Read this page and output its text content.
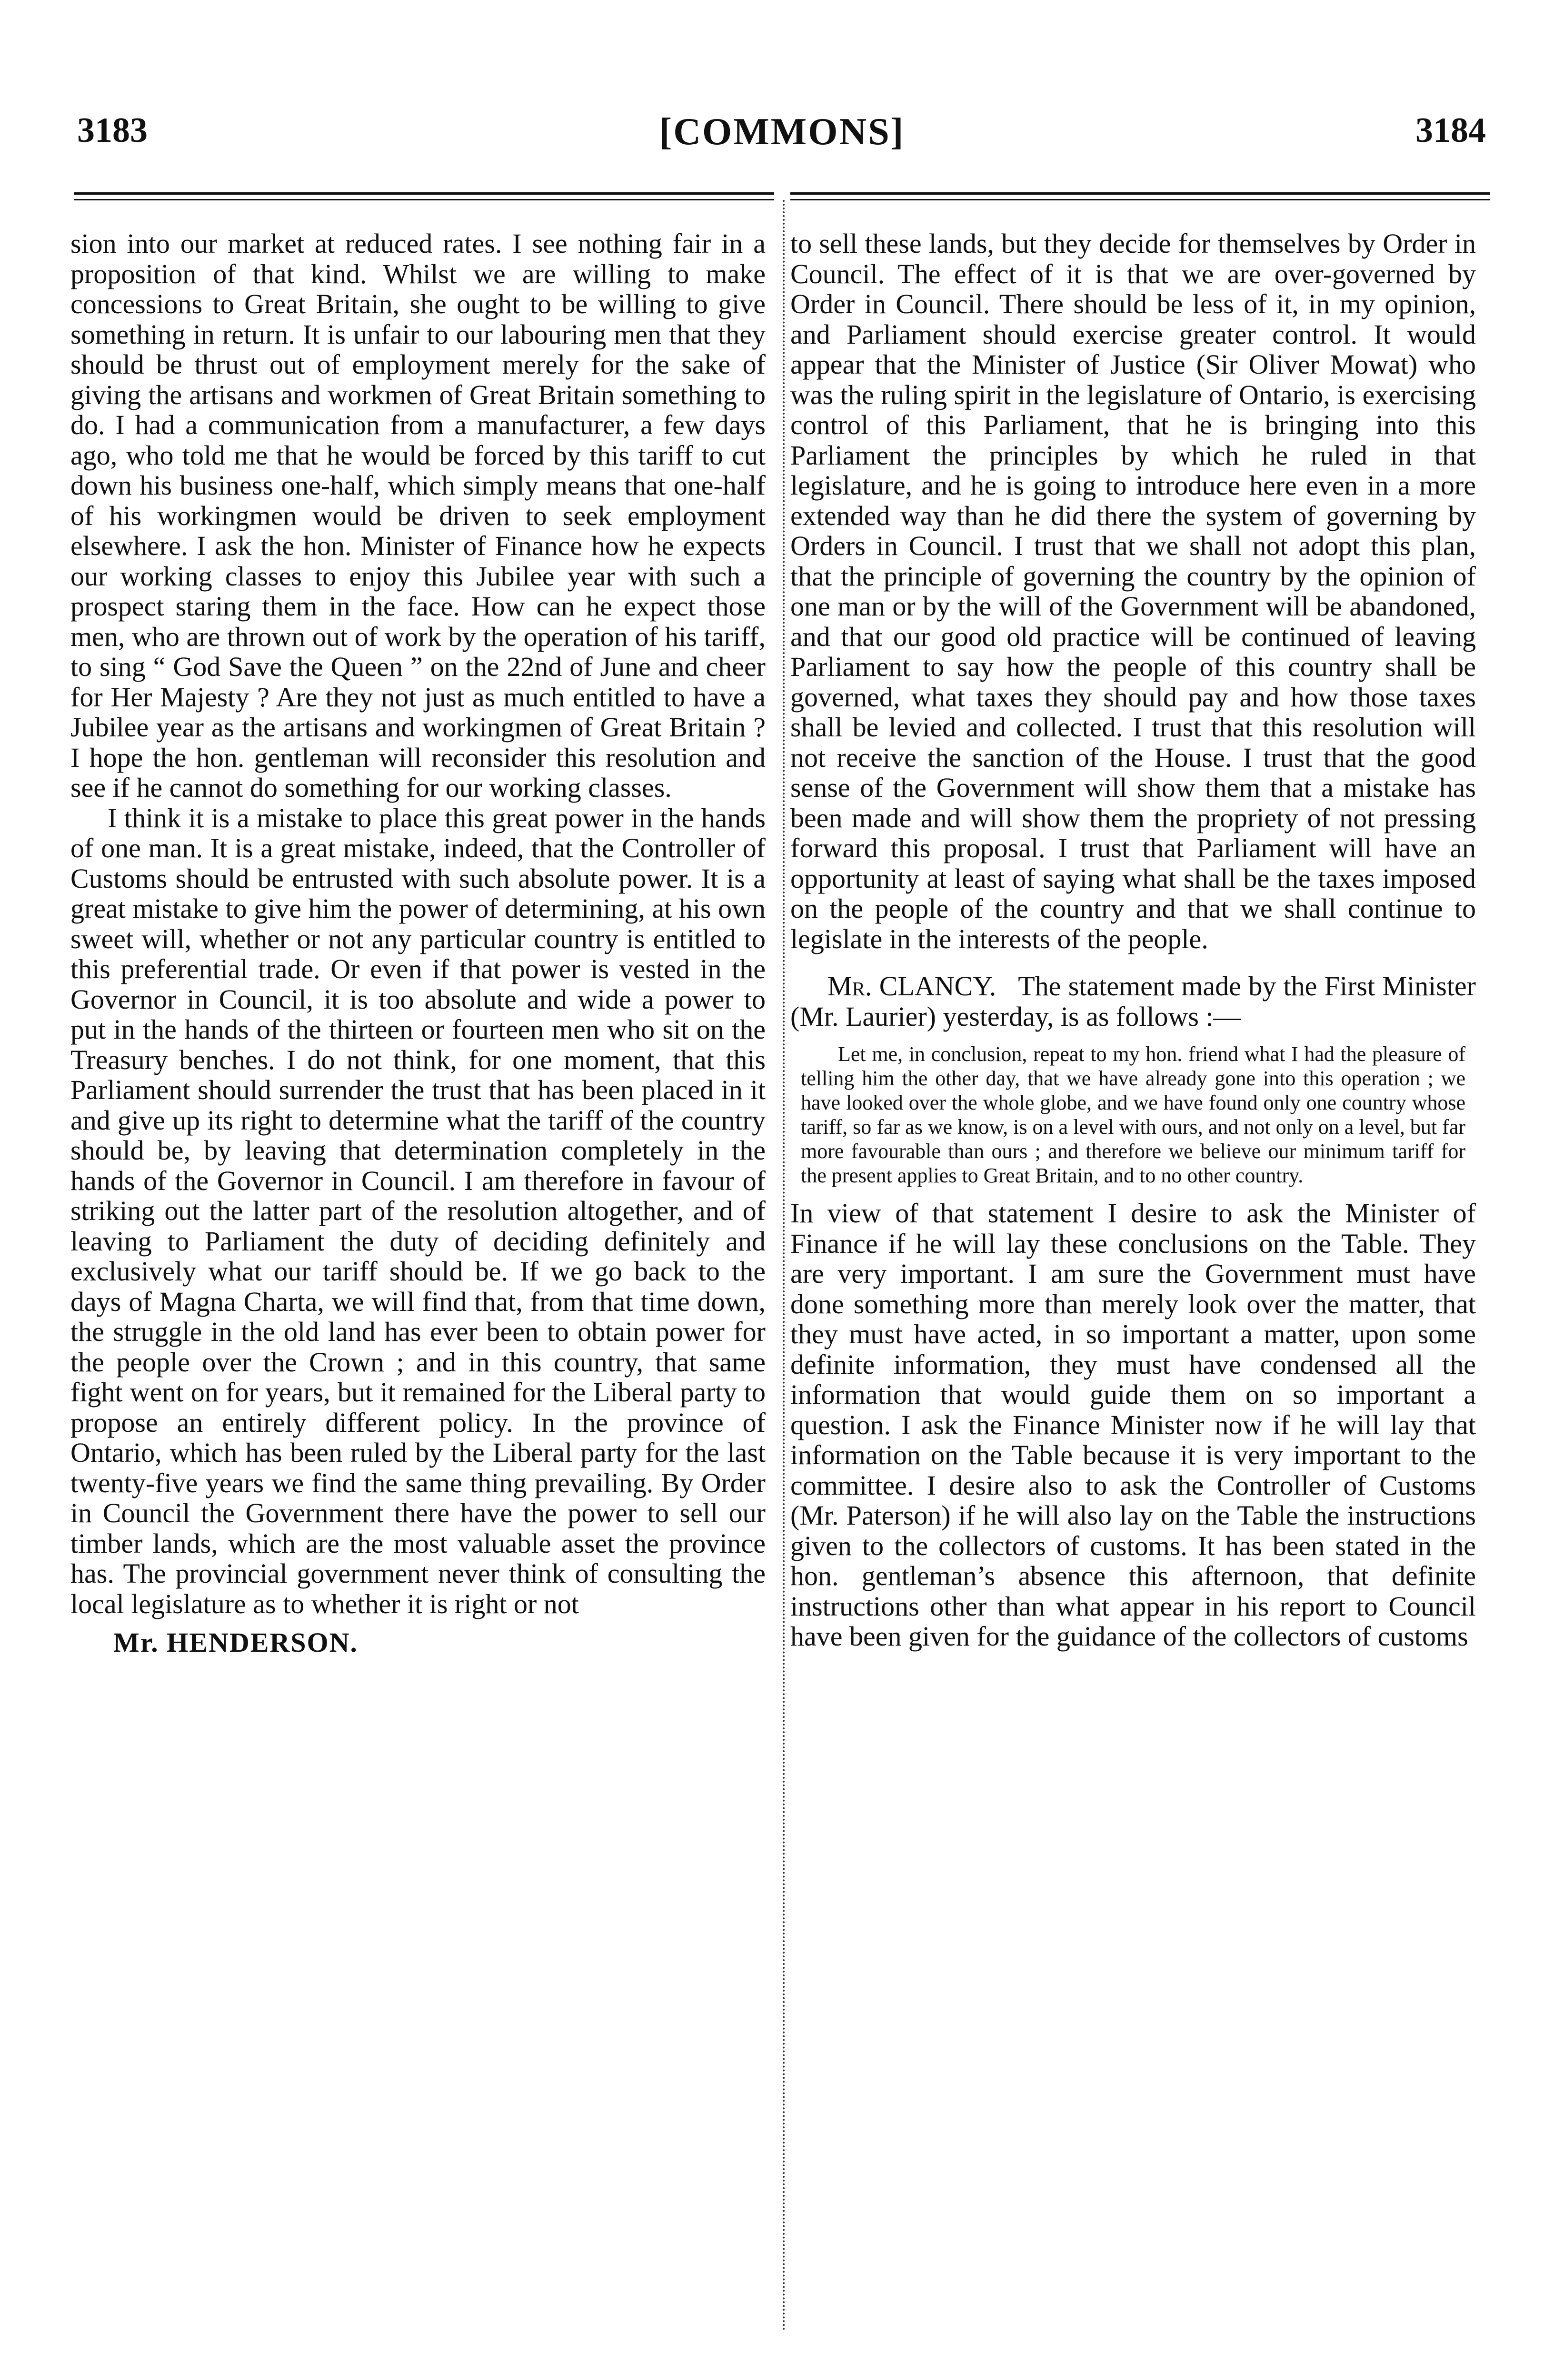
3183	[COMMONS]	3184

sion into our market at reduced rates. I see nothing fair in a proposition of that kind. Whilst we are willing to make concessions to Great Britain, she ought to be willing to give something in return. It is unfair to our labouring men that they should be thrust out of employment merely for the sake of giving the artisans and workmen of Great Britain something to do. I had a communication from a manufacturer, a few days ago, who told me that he would be forced by this tariff to cut down his business one-half, which simply means that one-half of his workingmen would be driven to seek employment elsewhere. I ask the hon. Minister of Finance how he expects our working classes to enjoy this Jubilee year with such a prospect staring them in the face. How can he expect those men, who are thrown out of work by the operation of his tariff, to sing “ God Save the Queen ” on the 22nd of June and cheer for Her Majesty ? Are they not just as much entitled to have a Jubilee year as the artisans and workingmen of Great Britain ? I hope the hon. gentleman will reconsider this resolution and see if he cannot do something for our working classes.

I think it is a mistake to place this great power in the hands of one man. It is a great mistake, indeed, that the Controller of Customs should be entrusted with such absolute power. It is a great mistake to give him the power of determining, at his own sweet will, whether or not any particular country is entitled to this preferential trade. Or even if that power is vested in the Governor in Council, it is too absolute and wide a power to put in the hands of the thirteen or fourteen men who sit on the Treasury benches. I do not think, for one moment, that this Parliament should surrender the trust that has been placed in it and give up its right to determine what the tariff of the country should be, by leaving that determination completely in the hands of the Governor in Council. I am therefore in favour of striking out the latter part of the resolution altogether, and of leaving to Parliament the duty of deciding definitely and exclusively what our tariff should be. If we go back to the days of Magna Charta, we will find that, from that time down, the struggle in the old land has ever been to obtain power for the people over the Crown ; and in this country, that same fight went on for years, but it remained for the Liberal party to propose an entirely different policy. In the province of Ontario, which has been ruled by the Liberal party for the last twenty-five years we find the same thing prevailing. By Order in Council the Government there have the power to sell our timber lands, which are the most valuable asset the province has. The provincial government never think of consulting the local legislature as to whether it is right or not

Mr. HENDERSON.

to sell these lands, but they decide for themselves by Order in Council. The effect of it is that we are over-governed by Order in Council. There should be less of it, in my opinion, and Parliament should exercise greater control. It would appear that the Minister of Justice (Sir Oliver Mowat) who was the ruling spirit in the legislature of Ontario, is exercising control of this Parliament, that he is bringing into this Parliament the principles by which he ruled in that legislature, and he is going to introduce here even in a more extended way than he did there the system of governing by Orders in Council. I trust that we shall not adopt this plan, that the principle of governing the country by the opinion of one man or by the will of the Government will be abandoned, and that our good old practice will be continued of leaving Parliament to say how the people of this country shall be governed, what taxes they should pay and how those taxes shall be levied and collected. I trust that this resolution will not receive the sanction of the House. I trust that the good sense of the Government will show them that a mistake has been made and will show them the propriety of not pressing forward this proposal. I trust that Parliament will have an opportunity at least of saying what shall be the taxes imposed on the people of the country and that we shall continue to legislate in the interests of the people.

Mr. CLANCY. The statement made by the First Minister (Mr. Laurier) yesterday, is as follows :—

Let me, in conclusion, repeat to my hon. friend what I had the pleasure of telling him the other day, that we have already gone into this operation ; we have looked over the whole globe, and we have found only one country whose tariff, so far as we know, is on a level with ours, and not only on a level, but far more favourable than ours ; and therefore we believe our minimum tariff for the present applies to Great Britain, and to no other country.

In view of that statement I desire to ask the Minister of Finance if he will lay these conclusions on the Table. They are very important. I am sure the Government must have done something more than merely look over the matter, that they must have acted, in so important a matter, upon some definite information, they must have condensed all the information that would guide them on so important a question. I ask the Finance Minister now if he will lay that information on the Table because it is very important to the committee. I desire also to ask the Controller of Customs (Mr. Paterson) if he will also lay on the Table the instructions given to the collectors of customs. It has been stated in the hon. gentleman’s absence this afternoon, that definite instructions other than what appear in his report to Council have been given for the guidance of the collectors of customs
